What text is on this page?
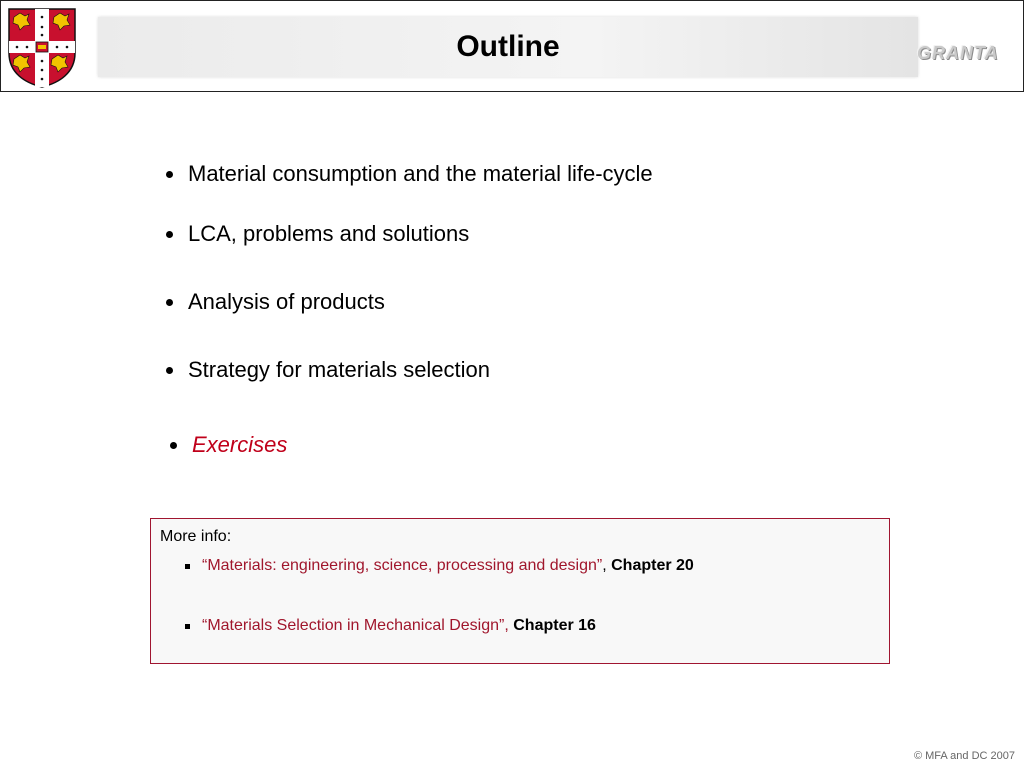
Outline	GRANTA
Material consumption and the material life-cycle
LCA, problems and solutions
Analysis of products
Strategy for materials selection
Exercises
More info:
“Materials: engineering, science, processing and design” ,
Chapter 20
“Materials Selection in Mechanical Design”,
Chapter 16
© MFA and DC 2007
